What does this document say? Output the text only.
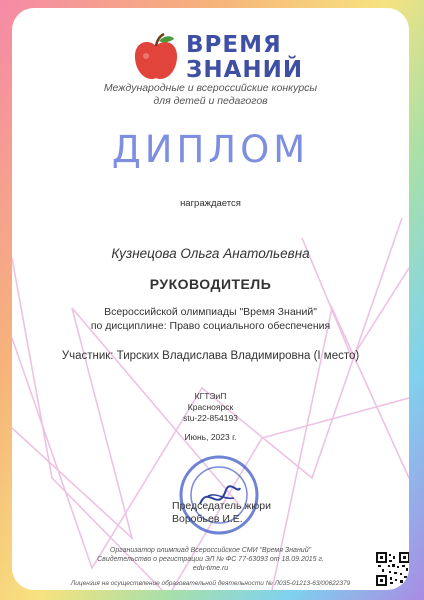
ВРЕМЯ
ЗНАНИЙ
Международные и всероссийские конкурсы
для детей и педагогов
ДИПЛОМ
награждается
Кузнецова Ольга Анатольевна
РУКОВОДИТЕЛЬ
Всероссийской олимпиады "Время Знаний"
по дисциплине: Право социального обеспечения
Участник: Тирских Владислава Владимировна (I место)
КГТЭиП
Красноярск
stu-22-854193
Июнь, 2023 г.
Председатель жюри
Воробьев И.Е.
Организатор олимпиад Всероссийское СМИ "Время Знаний"
Свидетельство о регистрации ЭЛ № ФС 77-63093 от 18.09.2015 г.
edu-time.ru
Лицензия на осуществление образовательной деятельности № Л035-01213-63/00622379
